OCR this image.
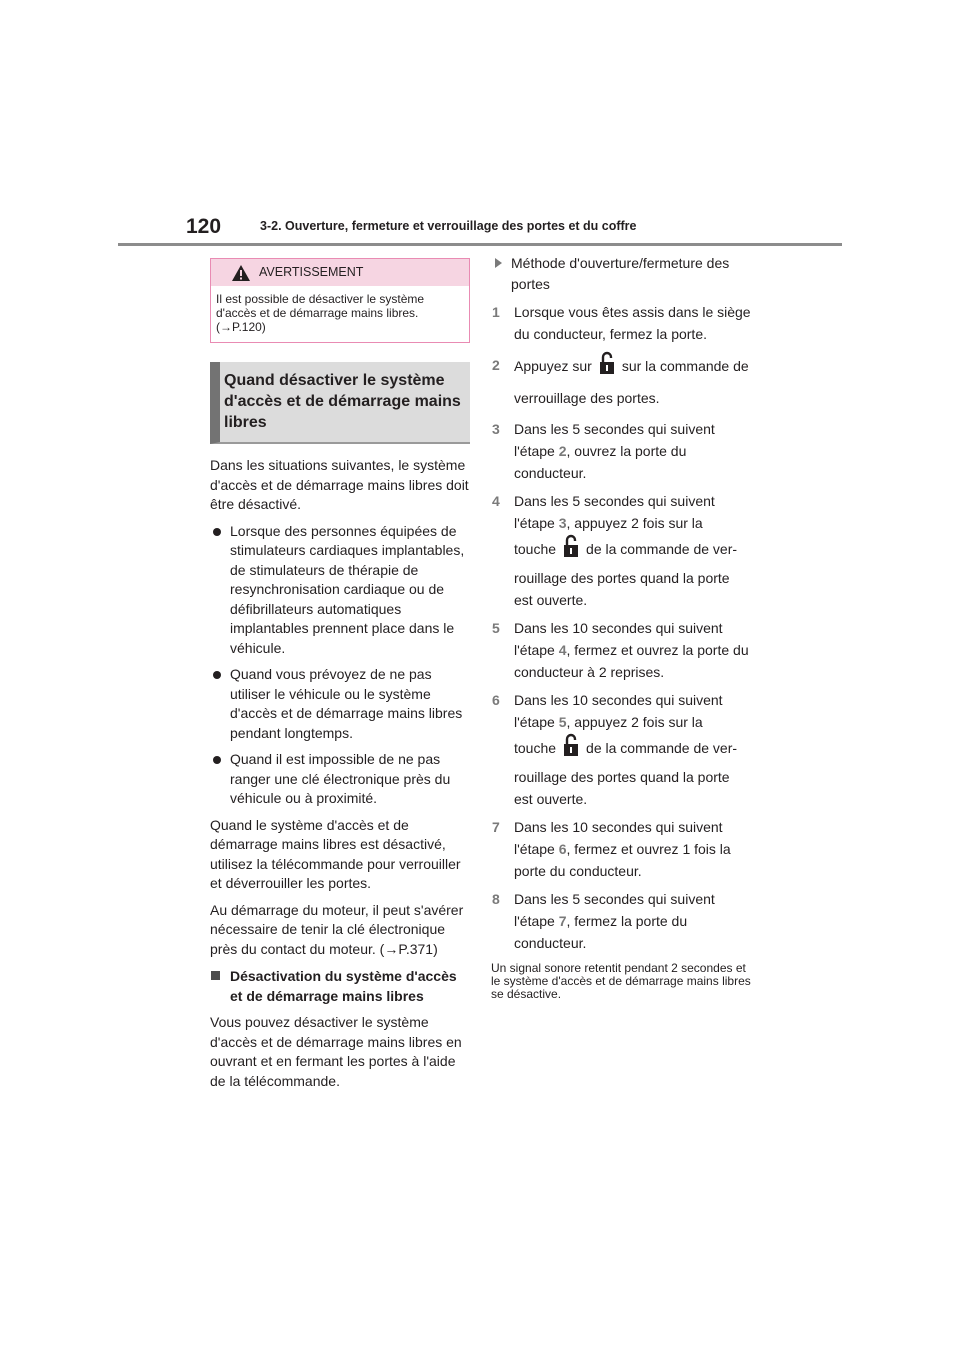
120	3-2. Ouverture, fermeture et verrouillage des portes et du coffre
AVERTISSEMENT
Il est possible de désactiver le système d'accès et de démarrage mains libres. (→P.120)
Quand désactiver le système d'accès et de démarrage mains libres

Dans les situations suivantes, le système d'accès et de démarrage mains libres doit être désactivé.

Lorsque des personnes équipées de stimulateurs cardiaques implantables, de stimulateurs de thérapie de resynchronisation cardiaque ou de défibrillateurs automatiques implantables prennent place dans le véhicule.
Quand vous prévoyez de ne pas utiliser le véhicule ou le système d'accès et de démarrage mains libres pendant longtemps.
Quand il est impossible de ne pas ranger une clé électronique près du véhicule ou à proximité.

Quand le système d'accès et de démarrage mains libres est désactivé, utilisez la télécommande pour verrouiller et déverrouiller les portes.

Au démarrage du moteur, il peut s'avérer nécessaire de tenir la clé électronique près du contact du moteur. (→P.371)

Désactivation du système d'accès et de démarrage mains libres

Vous pouvez désactiver le système d'accès et de démarrage mains libres en ouvrant et en fermant les portes à l'aide de la télécommande.

Méthode d'ouverture/fermeture des portes
1 Lorsque vous êtes assis dans le siège du conducteur, fermez la porte.
2 Appuyez sur sur la commande de verrouillage des portes.
3 Dans les 5 secondes qui suivent l'étape 2, ouvrez la porte du conducteur.
4 Dans les 5 secondes qui suivent l'étape 3, appuyez 2 fois sur la
touche de la commande de ver-
rouillage des portes quand la porte est ouverte.
5 Dans les 10 secondes qui suivent l'étape 4, fermez et ouvrez la porte du conducteur à 2 reprises.
6 Dans les 10 secondes qui suivent l'étape 5, appuyez 2 fois sur la
touche de la commande de ver-
rouillage des portes quand la porte est ouverte.
7 Dans les 10 secondes qui suivent l'étape 6, fermez et ouvrez 1 fois la porte du conducteur.
8 Dans les 5 secondes qui suivent l'étape 7, fermez la porte du conducteur.

Un signal sonore retentit pendant 2 secondes et le système d'accès et de démarrage mains libres se désactive.
